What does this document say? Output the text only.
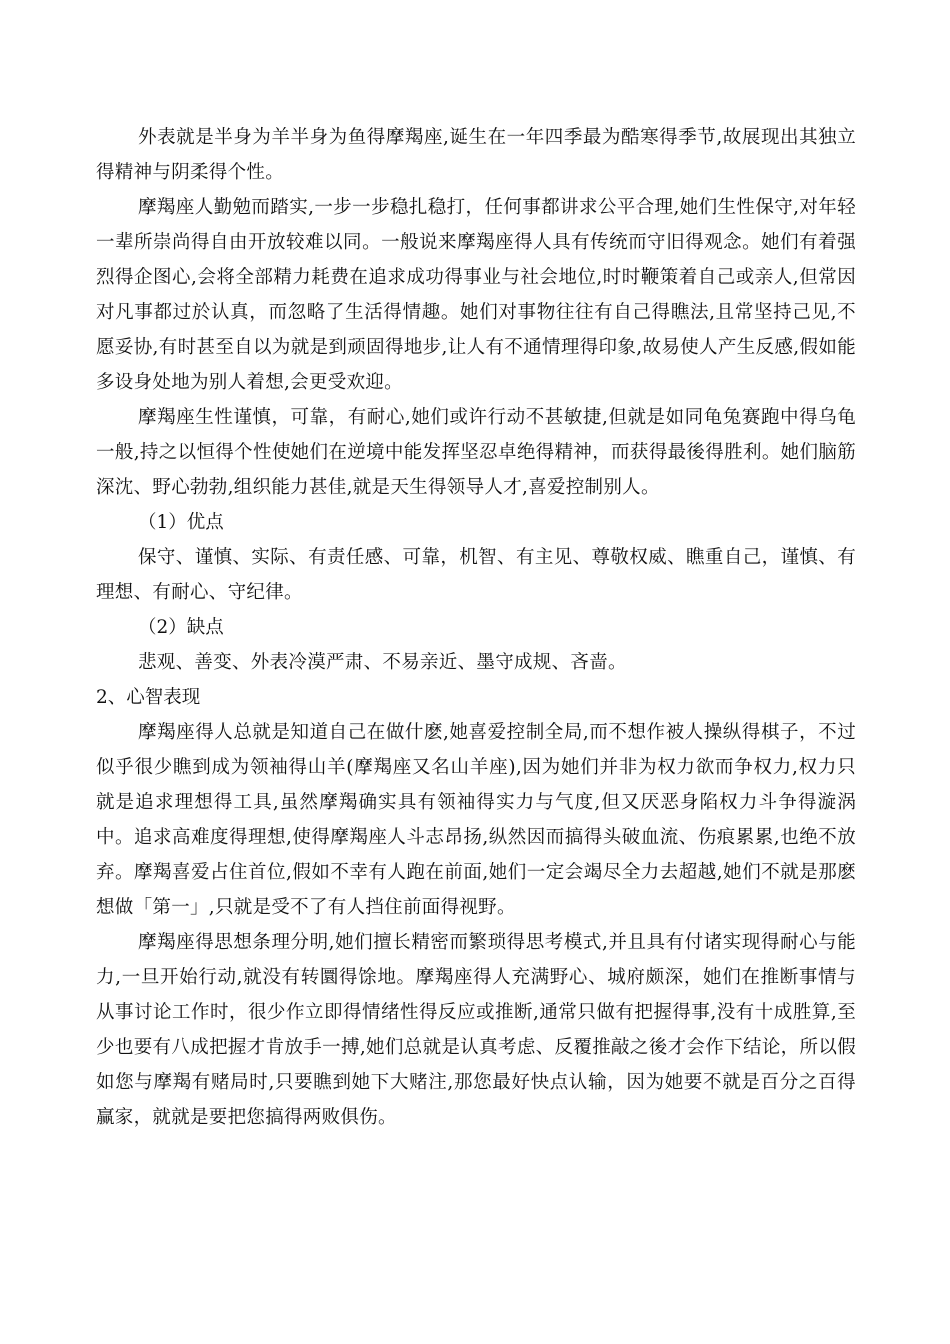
外表就是半身为羊半身为鱼得摩羯座,诞生在一年四季最为酷寒得季节,故展现出其独立得精神与阴柔得个性。

摩羯座人勤勉而踏实,一步一步稳扎稳打，任何事都讲求公平合理,她们生性保守,对年轻一辈所崇尚得自由开放较难以同。一般说来摩羯座得人具有传统而守旧得观念。她们有着强烈得企图心,会将全部精力耗费在追求成功得事业与社会地位,时时鞭策着自己或亲人,但常因对凡事都过於认真，而忽略了生活得情趣。她们对事物往往有自己得瞧法,且常坚持己见,不愿妥协,有时甚至自以为就是到顽固得地步,让人有不通情理得印象,故易使人产生反感,假如能多设身处地为别人着想,会更受欢迎。

摩羯座生性谨慎，可靠，有耐心,她们或许行动不甚敏捷,但就是如同龟兔赛跑中得乌龟一般,持之以恒得个性使她们在逆境中能发挥坚忍卓绝得精神，而获得最後得胜利。她们脑筋深沈、野心勃勃,组织能力甚佳,就是天生得领导人才,喜爱控制别人。

（1）优点

保守、谨慎、实际、有责任感、可靠，机智、有主见、尊敬权威、瞧重自己，谨慎、有理想、有耐心、守纪律。

（2）缺点

悲观、善变、外表冷漠严肃、不易亲近、墨守成规、吝啬。

2、心智表现

摩羯座得人总就是知道自己在做什麽,她喜爱控制全局,而不想作被人操纵得棋子，不过似乎很少瞧到成为领袖得山羊(摩羯座又名山羊座),因为她们并非为权力欲而争权力,权力只就是追求理想得工具,虽然摩羯确实具有领袖得实力与气度,但又厌恶身陷权力斗争得漩涡中。追求高难度得理想,使得摩羯座人斗志昂扬,纵然因而搞得头破血流、伤痕累累,也绝不放弃。摩羯喜爱占住首位,假如不幸有人跑在前面,她们一定会竭尽全力去超越,她们不就是那麽想做「第一」,只就是受不了有人挡住前面得视野。

摩羯座得思想条理分明,她们擅长精密而繁琐得思考模式,并且具有付诸实现得耐心与能力,一旦开始行动,就没有转圜得馀地。摩羯座得人充满野心、城府颇深，她们在推断事情与从事讨论工作时，很少作立即得情绪性得反应或推断,通常只做有把握得事,没有十成胜算,至少也要有八成把握才肯放手一搏,她们总就是认真考虑、反覆推敲之後才会作下结论，所以假如您与摩羯有赌局时,只要瞧到她下大赌注,那您最好快点认输，因为她要不就是百分之百得赢家，就就是要把您搞得两败俱伤。
